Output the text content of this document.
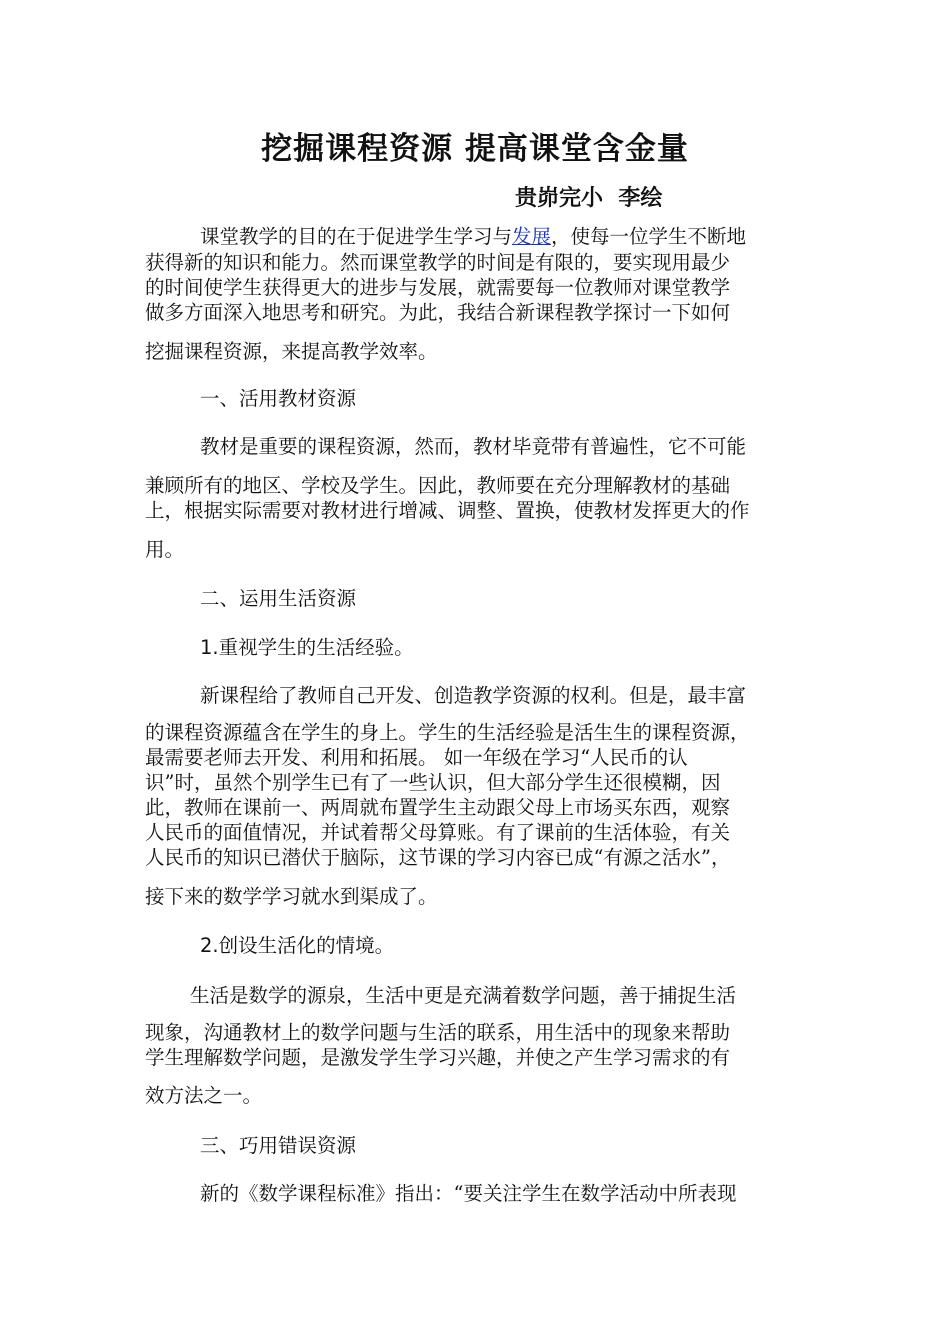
挖掘课程资源 提高课堂含金量
贵峁完小  李绘
课堂教学的目的在于促进学生学习与发展，使每一位学生不断地
获得新的知识和能力。然而课堂教学的时间是有限的，要实现用最少
的时间使学生获得更大的进步与发展，就需要每一位教师对课堂教学
做多方面深入地思考和研究。为此，我结合新课程教学探讨一下如何
挖掘课程资源，来提高教学效率。
一、活用教材资源
教材是重要的课程资源，然而，教材毕竟带有普遍性，它不可能
兼顾所有的地区、学校及学生。因此，教师要在充分理解教材的基础
上，根据实际需要对教材进行增减、调整、置换，使教材发挥更大的作
用。
二、运用生活资源
1.重视学生的生活经验。
新课程给了教师自己开发、创造教学资源的权利。但是，最丰富
的课程资源蕴含在学生的身上。学生的生活经验是活生生的课程资源，
最需要老师去开发、利用和拓展。 如一年级在学习“人民币的认
识”时，虽然个别学生已有了一些认识，但大部分学生还很模糊，因
此，教师在课前一、两周就布置学生主动跟父母上市场买东西，观察
人民币的面值情况，并试着帮父母算账。有了课前的生活体验，有关
人民币的知识已潜伏于脑际，这节课的学习内容已成“有源之活水”，
接下来的数学学习就水到渠成了。
2.创设生活化的情境。
生活是数学的源泉，生活中更是充满着数学问题，善于捕捉生活
现象，沟通教材上的数学问题与生活的联系，用生活中的现象来帮助
学生理解数学问题，是激发学生学习兴趣，并使之产生学习需求的有
效方法之一。
三、巧用错误资源
新的《数学课程标准》指出：“要关注学生在数学活动中所表现
